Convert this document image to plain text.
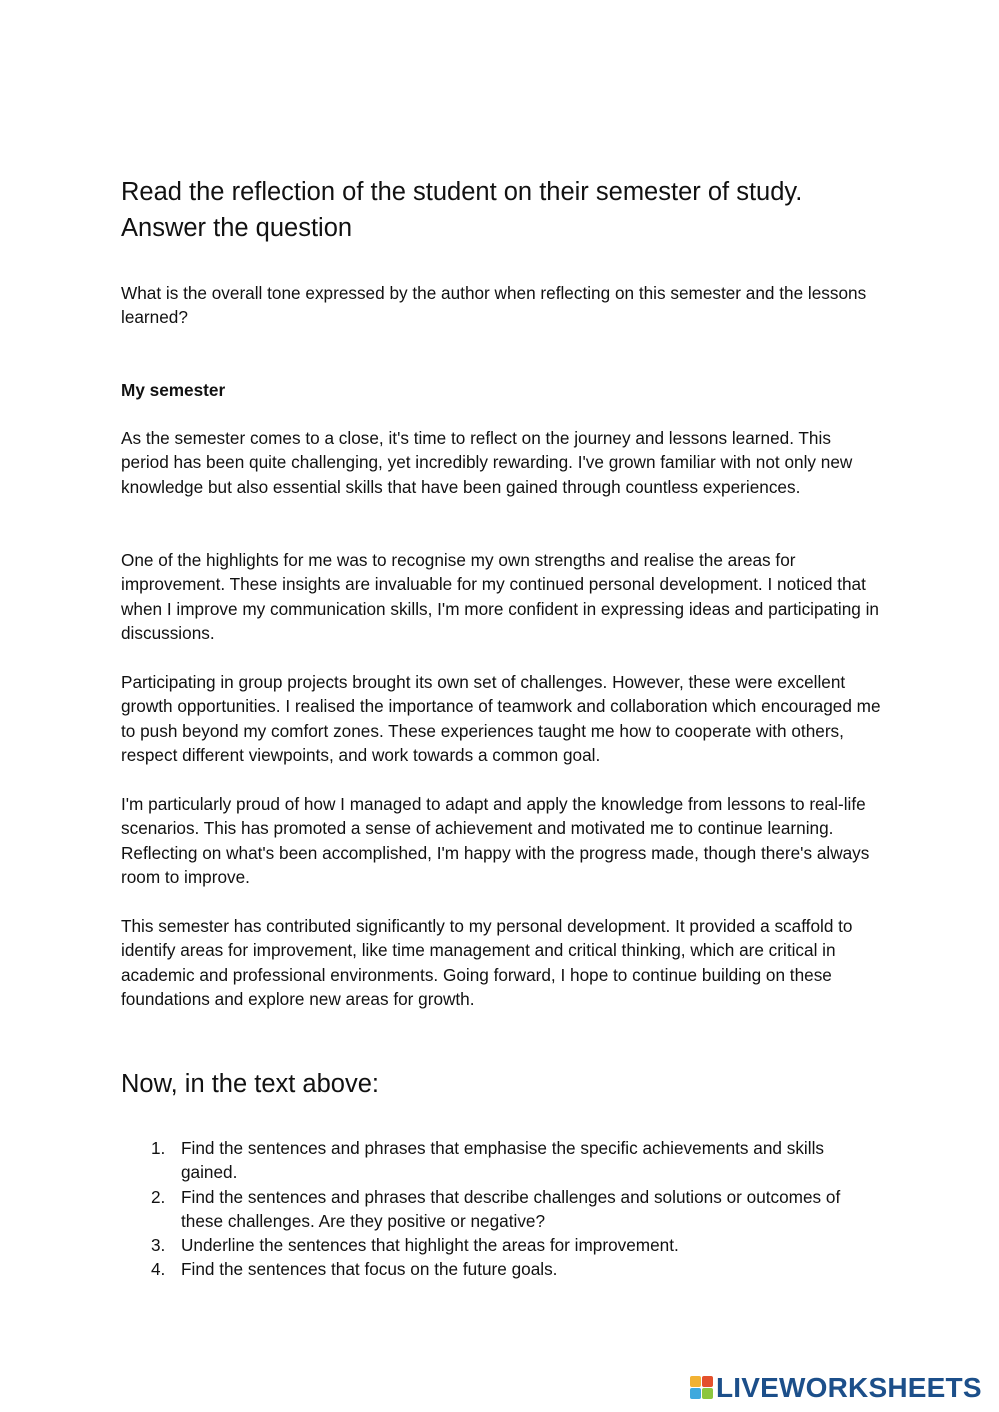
Read the reflection of the student on their semester of study.
Answer the question

What is the overall tone expressed by the author when reflecting on this semester and the lessons learned?

My semester

As the semester comes to a close, it's time to reflect on the journey and lessons learned. This period has been quite challenging, yet incredibly rewarding. I've grown familiar with not only new knowledge but also essential skills that have been gained through countless experiences.

One of the highlights for me was to recognise my own strengths and realise the areas for improvement. These insights are invaluable for my continued personal development. I noticed that when I improve my communication skills, I'm more confident in expressing ideas and participating in discussions.

Participating in group projects brought its own set of challenges. However, these were excellent growth opportunities. I realised the importance of teamwork and collaboration which encouraged me to push beyond my comfort zones. These experiences taught me how to cooperate with others, respect different viewpoints, and work towards a common goal.

I'm particularly proud of how I managed to adapt and apply the knowledge from lessons to real-life scenarios. This has promoted a sense of achievement and motivated me to continue learning. Reflecting on what's been accomplished, I'm happy with the progress made, though there's always room to improve.

This semester has contributed significantly to my personal development. It provided a scaffold to identify areas for improvement, like time management and critical thinking, which are critical in academic and professional environments. Going forward, I hope to continue building on these foundations and explore new areas for growth.

Now, in the text above:
1. Find the sentences and phrases that emphasise the specific achievements and skills gained.
2. Find the sentences and phrases that describe challenges and solutions or outcomes of these challenges. Are they positive or negative?
3. Underline the sentences that highlight the areas for improvement.
4. Find the sentences that focus on the future goals.
LIVEWORKSHEETS
